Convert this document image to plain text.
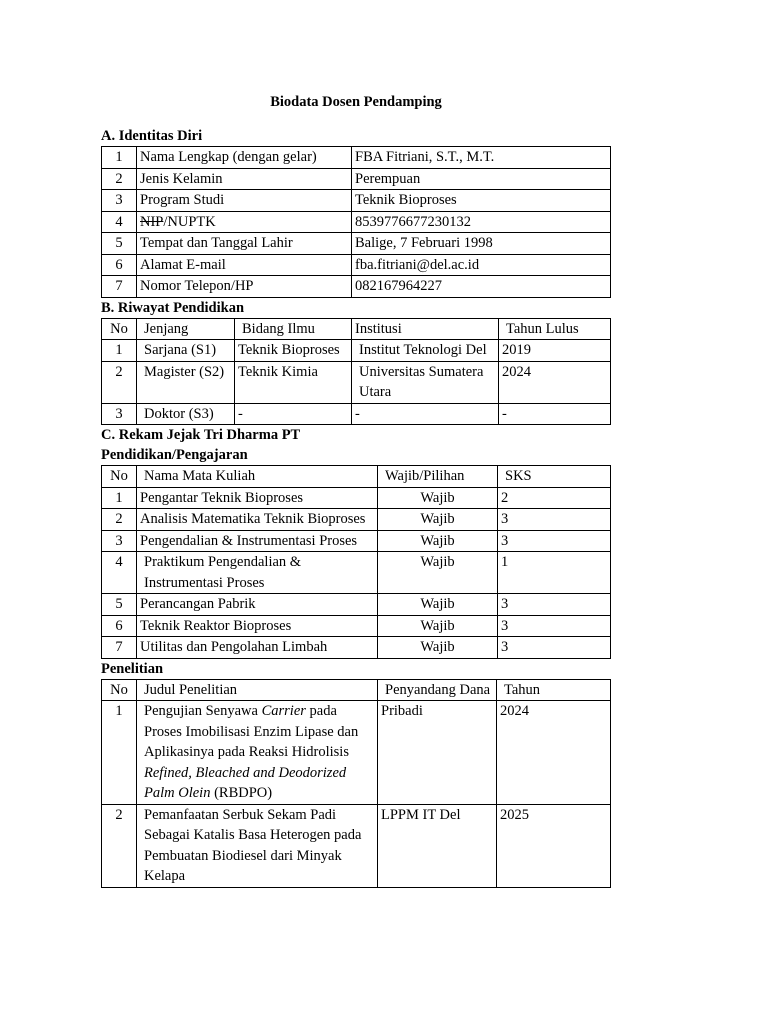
Biodata Dosen Pendamping
A. Identitas Diri
1	Nama Lengkap (dengan gelar)	FBA Fitriani, S.T., M.T.
2	Jenis Kelamin	Perempuan
3	Program Studi	Teknik Bioproses
4	NIP/NUPTK	8539776677230132
5	Tempat dan Tanggal Lahir	Balige, 7 Februari 1998
6	Alamat E-mail	fba.fitriani@del.ac.id
7	Nomor Telepon/HP	082167964227
B. Riwayat Pendidikan
No	Jenjang	Bidang Ilmu	Institusi	Tahun Lulus
1	Sarjana (S1)	Teknik Bioproses	Institut Teknologi Del	2019
2	Magister (S2)	Teknik Kimia	Universitas Sumatera Utara	2024
3	Doktor (S3)	-	-	-
C. Rekam Jejak Tri Dharma PT
Pendidikan/Pengajaran
No	Nama Mata Kuliah	Wajib/Pilihan	SKS
1	Pengantar Teknik Bioproses	Wajib	2
2	Analisis Matematika Teknik Bioproses	Wajib	3
3	Pengendalian & Instrumentasi Proses	Wajib	3
4	Praktikum Pengendalian & Instrumentasi Proses	Wajib	1
5	Perancangan Pabrik	Wajib	3
6	Teknik Reaktor Bioproses	Wajib	3
7	Utilitas dan Pengolahan Limbah	Wajib	3
Penelitian
No	Judul Penelitian	Penyandang Dana	Tahun
1	Pengujian Senyawa Carrier pada Proses Imobilisasi Enzim Lipase dan Aplikasinya pada Reaksi Hidrolisis Refined, Bleached and Deodorized Palm Olein (RBDPO)	Pribadi	2024
2	Pemanfaatan Serbuk Sekam Padi Sebagai Katalis Basa Heterogen pada Pembuatan Biodiesel dari Minyak Kelapa	LPPM IT Del	2025
